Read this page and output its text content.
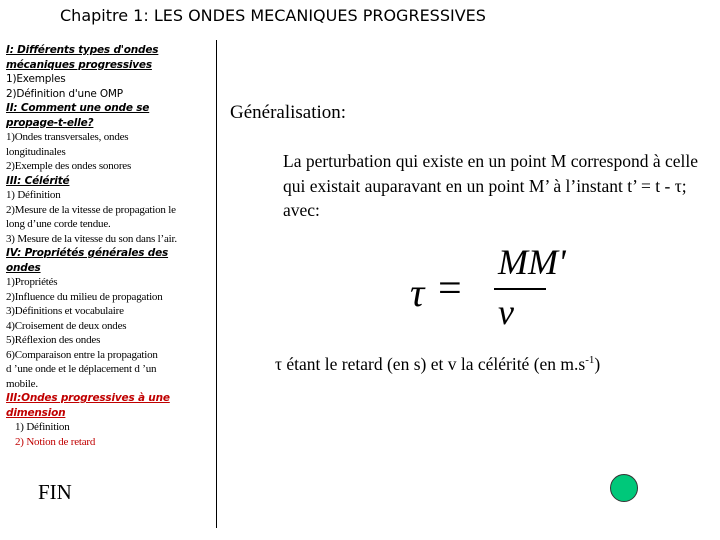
Chapitre 1: LES ONDES MECANIQUES PROGRESSIVES
I: Différents types d'ondes
mécaniques progressives
1)Exemples
2)Définition d'une OMP
II: Comment une onde se
propage-t-elle?
1)Ondes transversales, ondes
longitudinales
2)Exemple des ondes sonores
III: Célérité
1) Définition
2)Mesure de la vitesse de propagation le
long d’une corde tendue.
3) Mesure de la vitesse du son dans l’air.
IV: Propriétés générales des
ondes
1)Propriétés
2)Influence du milieu de propagation
3)Définitions et vocabulaire
4)Croisement de deux ondes
5)Réflexion des ondes
6)Comparaison entre la propagation
d ’une onde et le déplacement d ’un
mobile.
III:Ondes progressives à une
dimension
1) Définition
2) Notion de retard
FIN
Généralisation:
La perturbation qui existe en un point M correspond à celle qui existait auparavant en un point M’ à l’instant t’ = t - τ; avec:
τ =
MM'
v
τ étant le retard (en s) et v la célérité (en $m.s^{-1}$)
